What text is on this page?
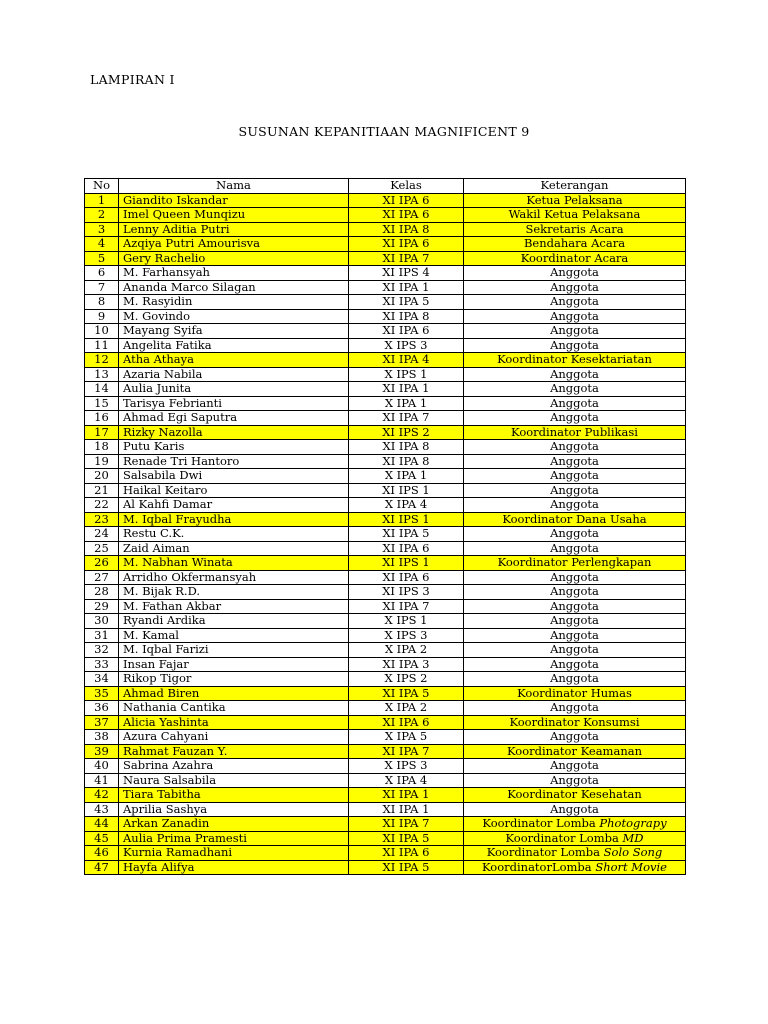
LAMPIRAN I
SUSUNAN KEPANITIAAN MAGNIFICENT 9
No	Nama	Kelas	Keterangan
1	Giandito Iskandar	XI IPA 6	Ketua Pelaksana
2	Imel Queen Munqizu	XI IPA 6	Wakil Ketua Pelaksana
3	Lenny Aditia Putri	XI IPA 8	Sekretaris Acara
4	Azqiya Putri Amourisva	XI IPA 6	Bendahara Acara
5	Gery Rachelio	XI IPA 7	Koordinator Acara
6	M. Farhansyah	XI IPS 4	Anggota
7	Ananda Marco Silagan	XI IPA 1	Anggota
8	M. Rasyidin	XI IPA 5	Anggota
9	M. Govindo	XI IPA 8	Anggota
10	Mayang Syifa	XI IPA 6	Anggota
11	Angelita Fatika	X IPS 3	Anggota
12	Atha Athaya	XI IPA 4	Koordinator Kesektariatan
13	Azaria Nabila	X IPS 1	Anggota
14	Aulia Junita	XI IPA 1	Anggota
15	Tarisya Febrianti	X IPA 1	Anggota
16	Ahmad Egi Saputra	XI IPA 7	Anggota
17	Rizky Nazolla	XI IPS 2	Koordinator Publikasi
18	Putu Karis	XI IPA 8	Anggota
19	Renade Tri Hantoro	XI IPA 8	Anggota
20	Salsabila Dwi	X IPA 1	Anggota
21	Haikal Keitaro	XI IPS 1	Anggota
22	Al Kahfi Damar	X IPA 4	Anggota
23	M. Iqbal Frayudha	XI IPS 1	Koordinator Dana Usaha
24	Restu C.K.	XI IPA 5	Anggota
25	Zaid Aiman	XI IPA 6	Anggota
26	M. Nabhan Winata	XI IPS 1	Koordinator Perlengkapan
27	Arridho Okfermansyah	XI IPA 6	Anggota
28	M. Bijak R.D.	XI IPS 3	Anggota
29	M. Fathan Akbar	XI IPA 7	Anggota
30	Ryandi Ardika	X IPS 1	Anggota
31	M. Kamal	X IPS 3	Anggota
32	M. Iqbal Farizi	X IPA 2	Anggota
33	Insan Fajar	XI IPA 3	Anggota
34	Rikop Tigor	X IPS 2	Anggota
35	Ahmad Biren	XI IPA 5	Koordinator Humas
36	Nathania Cantika	X IPA 2	Anggota
37	Alicia Yashinta	XI IPA 6	Koordinator Konsumsi
38	Azura Cahyani	X IPA 5	Anggota
39	Rahmat Fauzan Y.	XI IPA 7	Koordinator Keamanan
40	Sabrina Azahra	X IPS 3	Anggota
41	Naura Salsabila	X IPA 4	Anggota
42	Tiara Tabitha	XI IPA 1	Koordinator Kesehatan
43	Aprilia Sashya	XI IPA 1	Anggota
44	Arkan Zanadin	XI IPA 7	Koordinator Lomba Photograpy
45	Aulia Prima Pramesti	XI IPA 5	Koordinator Lomba MD
46	Kurnia Ramadhani	XI IPA 6	Koordinator Lomba Solo Song
47	Hayfa Alifya	XI IPA 5	KoordinatorLomba Short Movie
